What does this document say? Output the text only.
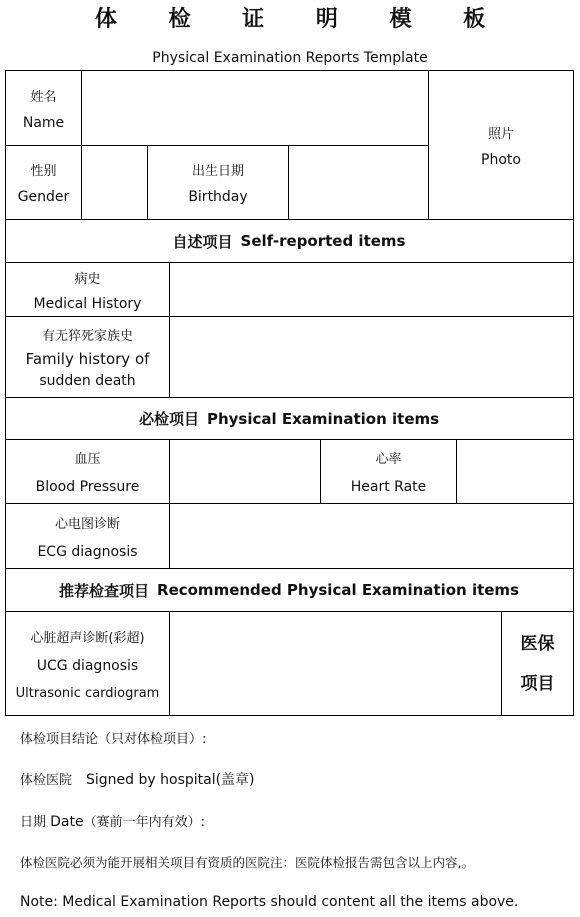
体 检 证 明 模 板
Physical Examination Reports Template
姓名
Name
照片
Photo
性别
Gender
出生日期
Birthday
自述项目 Self-reported items
病史
Medical History
有无猝死家族史
Family history of
sudden death
必检项目 Physical Examination items
血压
Blood Pressure
心率
Heart Rate
心电图诊断
ECG diagnosis
推荐检查项目 Recommended Physical Examination items
心脏超声诊断(彩超)
UCG diagnosis
Ultrasonic cardiogram
医保
项目
体检项目结论（只对体检项目）:
体检医院 Signed by hospital(盖章)
日期 Date（赛前一年内有效）:
体检医院必须为能开展相关项目有资质的医院注：医院体检报告需包含以上内容,。
Note: Medical Examination Reports should content all the items above.
